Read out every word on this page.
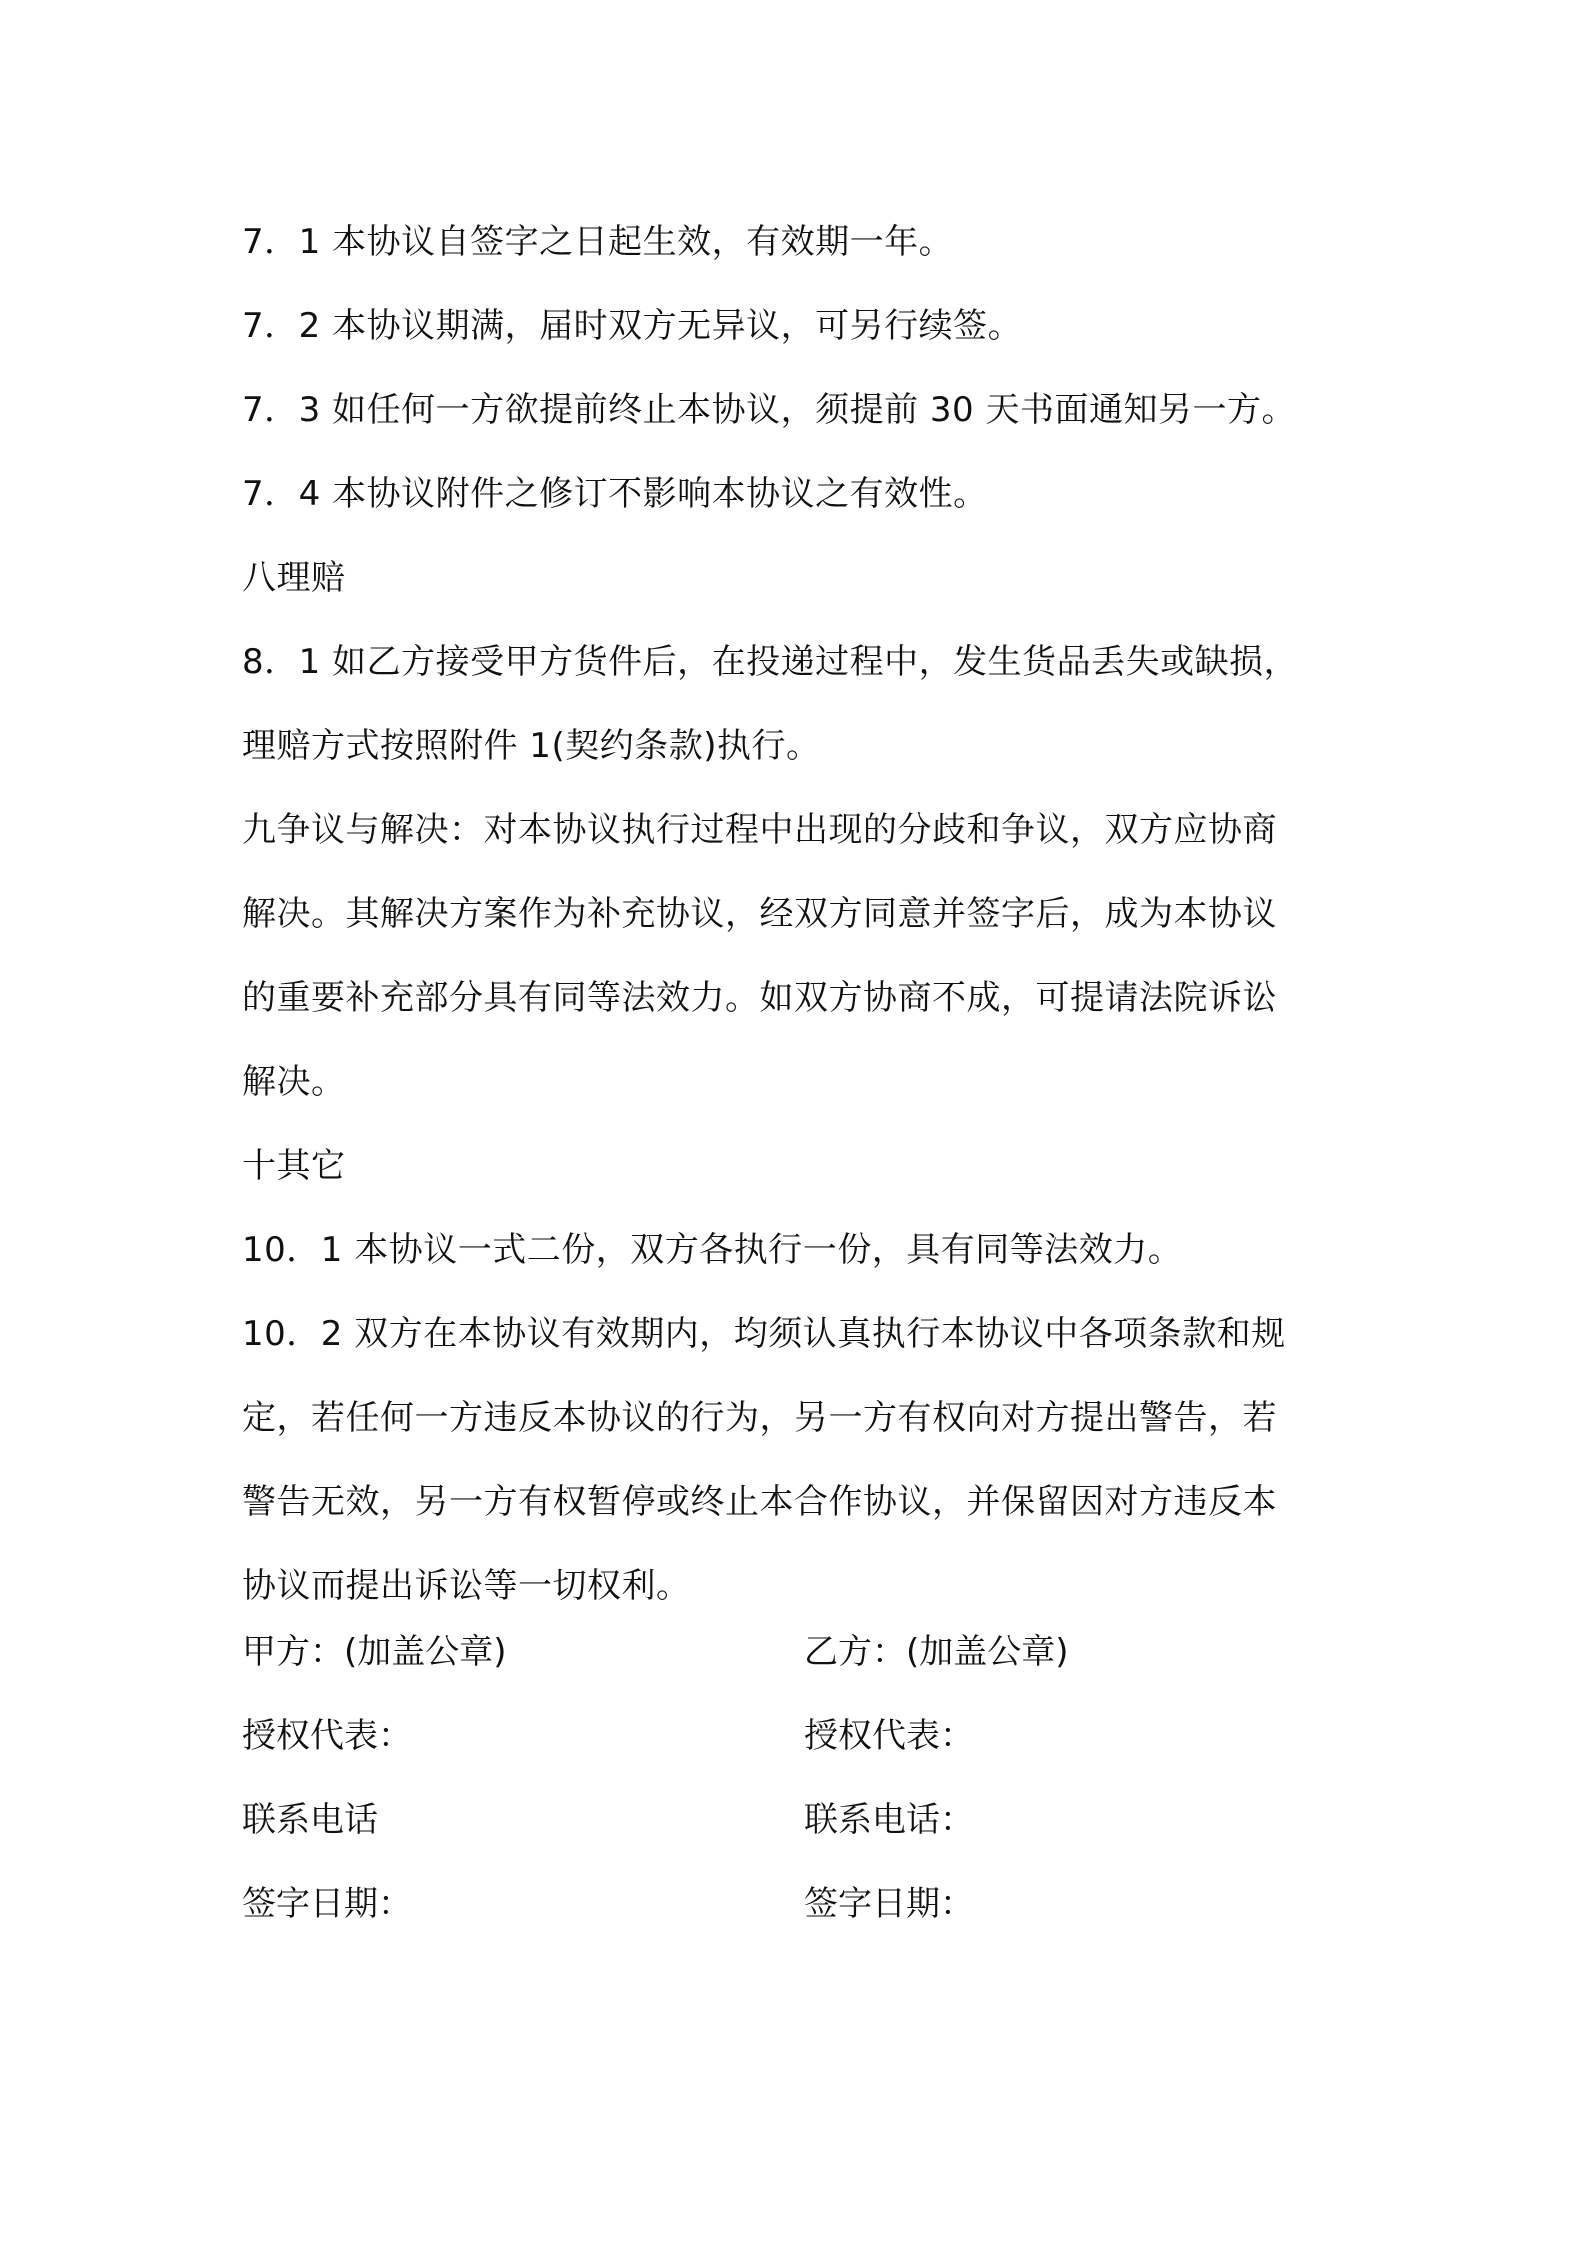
7．1 本协议自签字之日起生效，有效期一年。
7．2 本协议期满，届时双方无异议，可另行续签。
7．3 如任何一方欲提前终止本协议，须提前 30 天书面通知另一方。
7．4 本协议附件之修订不影响本协议之有效性。
八理赔
8．1 如乙方接受甲方货件后，在投递过程中，发生货品丢失或缺损，
理赔方式按照附件 1(契约条款)执行。
九争议与解决：对本协议执行过程中出现的分歧和争议，双方应协商
解决。其解决方案作为补充协议，经双方同意并签字后，成为本协议
的重要补充部分具有同等法效力。如双方协商不成，可提请法院诉讼
解决。
十其它
10．1 本协议一式二份，双方各执行一份，具有同等法效力。
10．2 双方在本协议有效期内，均须认真执行本协议中各项条款和规
定，若任何一方违反本协议的行为，另一方有权向对方提出警告，若
警告无效，另一方有权暂停或终止本合作协议，并保留因对方违反本
协议而提出诉讼等一切权利。
甲方：(加盖公章)	乙方：(加盖公章)
授权代表：	授权代表：
联系电话	联系电话：
签字日期：	签字日期：
